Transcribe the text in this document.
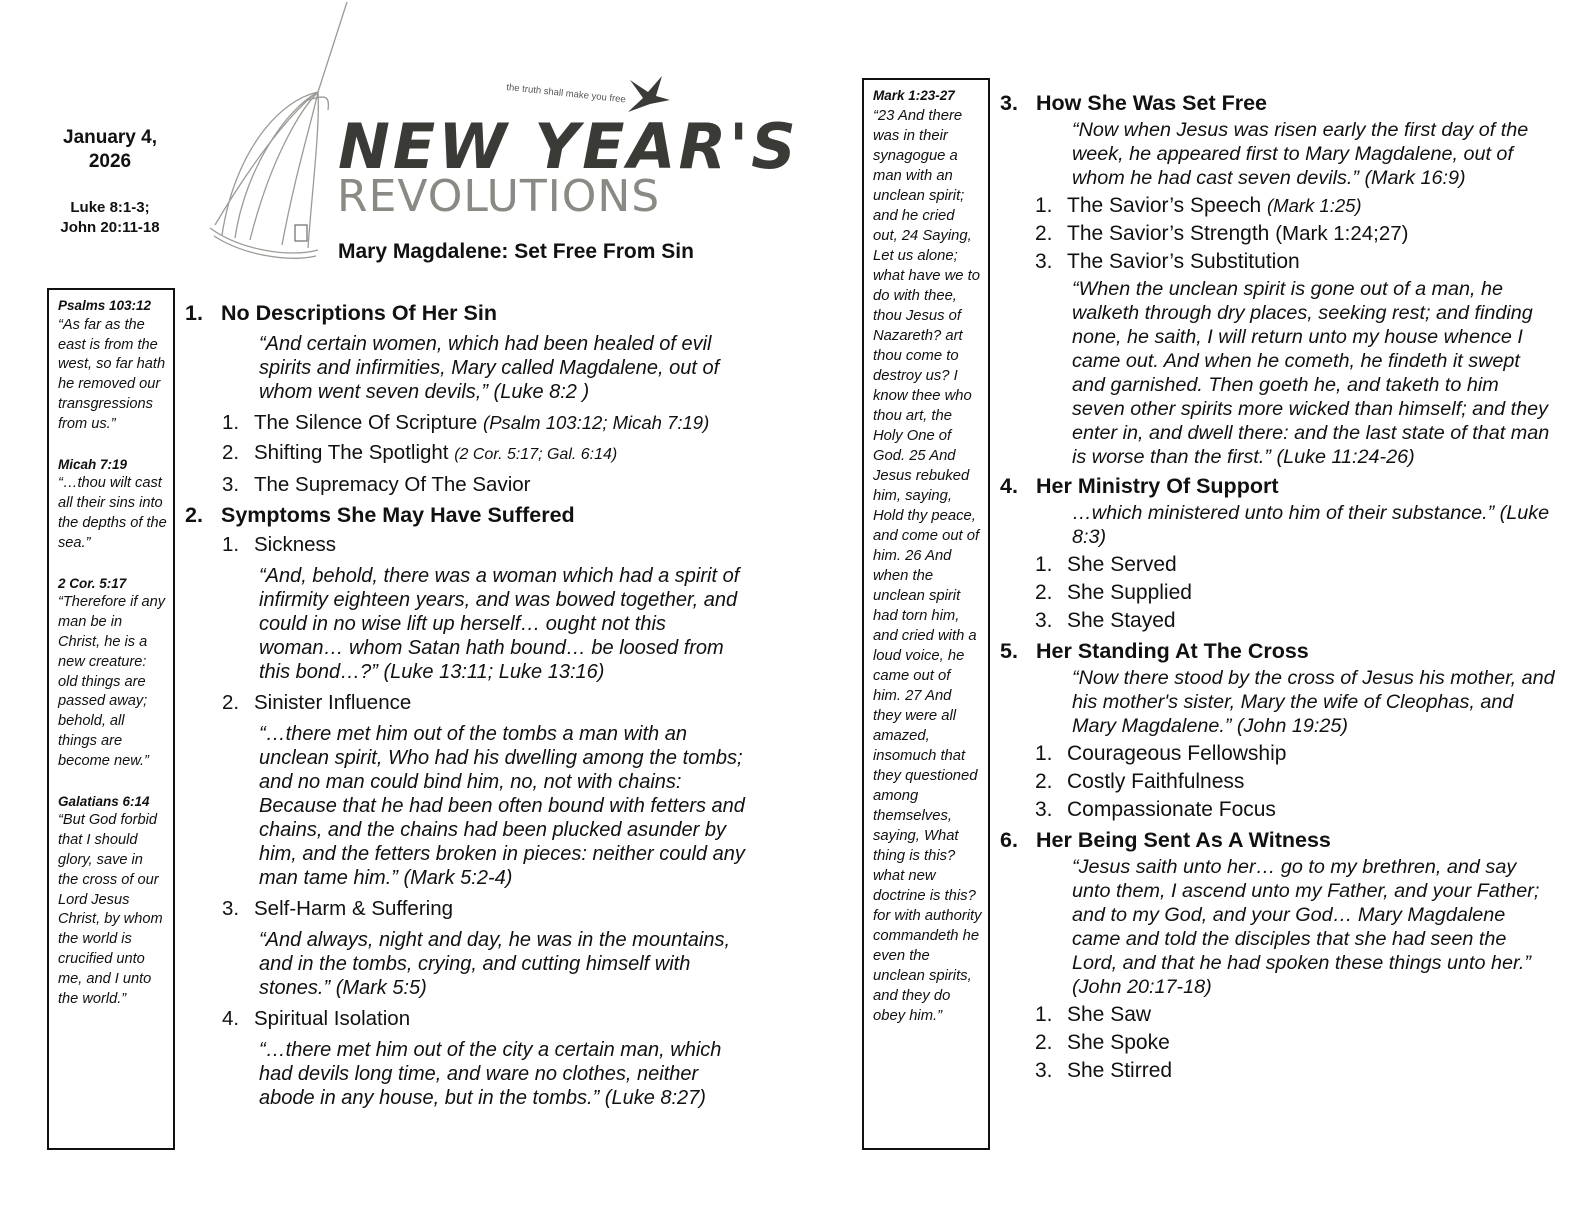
January 4, 2026
Luke 8:1-3;
John 20:11-18
the truth shall make you free
NEW YEAR'S
REVOLUTIONS
Mary Magdalene: Set Free From Sin
Psalms 103:12
“As far as the east is from the west, so far hath he removed our transgressions from us.”
Micah 7:19
“…thou wilt cast all their sins into the depths of the sea.”
2 Cor. 5:17
“Therefore if any man be in Christ, he is a new creature: old things are passed away; behold, all things are become new.”
Galatians 6:14
“But God forbid that I should glory, save in the cross of our Lord Jesus Christ, by whom the world is crucified unto me, and I unto the world.”
Mark 1:23-27
“23 And there was in their synagogue a man with an unclean spirit; and he cried out, 24 Saying, Let us alone; what have we to do with thee, thou Jesus of Nazareth? art thou come to destroy us? I know thee who thou art, the Holy One of God. 25 And Jesus rebuked him, saying, Hold thy peace, and come out of him. 26 And when the unclean spirit had torn him, and cried with a loud voice, he came out of him. 27 And they were all amazed, insomuch that they questioned among themselves, saying, What thing is this? what new doctrine is this? for with authority commandeth he even the unclean spirits, and they do obey him.”
1. No Descriptions Of Her Sin
“And certain women, which had been healed of evil spirits and infirmities, Mary called Magdalene, out of whom went seven devils,” (Luke 8:2 )
1. The Silence Of Scripture (Psalm 103:12; Micah 7:19)
2. Shifting The Spotlight (2 Cor. 5:17; Gal. 6:14)
3. The Supremacy Of The Savior
2. Symptoms She May Have Suffered
1. Sickness
“And, behold, there was a woman which had a spirit of infirmity eighteen years, and was bowed together, and could in no wise lift up herself… ought not this woman… whom Satan hath bound… be loosed from this bond…?” (Luke 13:11; Luke 13:16)
2. Sinister Influence
“…there met him out of the tombs a man with an unclean spirit, Who had his dwelling among the tombs; and no man could bind him, no, not with chains: Because that he had been often bound with fetters and chains, and the chains had been plucked asunder by him, and the fetters broken in pieces: neither could any man tame him.” (Mark 5:2-4)
3. Self-Harm & Suffering
“And always, night and day, he was in the mountains, and in the tombs, crying, and cutting himself with stones.” (Mark 5:5)
4. Spiritual Isolation
“…there met him out of the city a certain man, which had devils long time, and ware no clothes, neither abode in any house, but in the tombs.” (Luke 8:27)
3. How She Was Set Free
“Now when Jesus was risen early the first day of the week, he appeared first to Mary Magdalene, out of whom he had cast seven devils.” (Mark 16:9)
1. The Savior’s Speech (Mark 1:25)
2. The Savior’s Strength (Mark 1:24;27)
3. The Savior’s Substitution
“When the unclean spirit is gone out of a man, he walketh through dry places, seeking rest; and finding none, he saith, I will return unto my house whence I came out. And when he cometh, he findeth it swept and garnished. Then goeth he, and taketh to him seven other spirits more wicked than himself; and they enter in, and dwell there: and the last state of that man is worse than the first.” (Luke 11:24-26)
4. Her Ministry Of Support
…which ministered unto him of their substance.” (Luke 8:3)
1. She Served
2. She Supplied
3. She Stayed
5. Her Standing At The Cross
“Now there stood by the cross of Jesus his mother, and his mother's sister, Mary the wife of Cleophas, and Mary Magdalene.” (John 19:25)
1. Courageous Fellowship
2. Costly Faithfulness
3. Compassionate Focus
6. Her Being Sent As A Witness
“Jesus saith unto her… go to my brethren, and say unto them, I ascend unto my Father, and your Father; and to my God, and your God… Mary Magdalene came and told the disciples that she had seen the Lord, and that he had spoken these things unto her.” (John 20:17-18)
1. She Saw
2. She Spoke
3. She Stirred
